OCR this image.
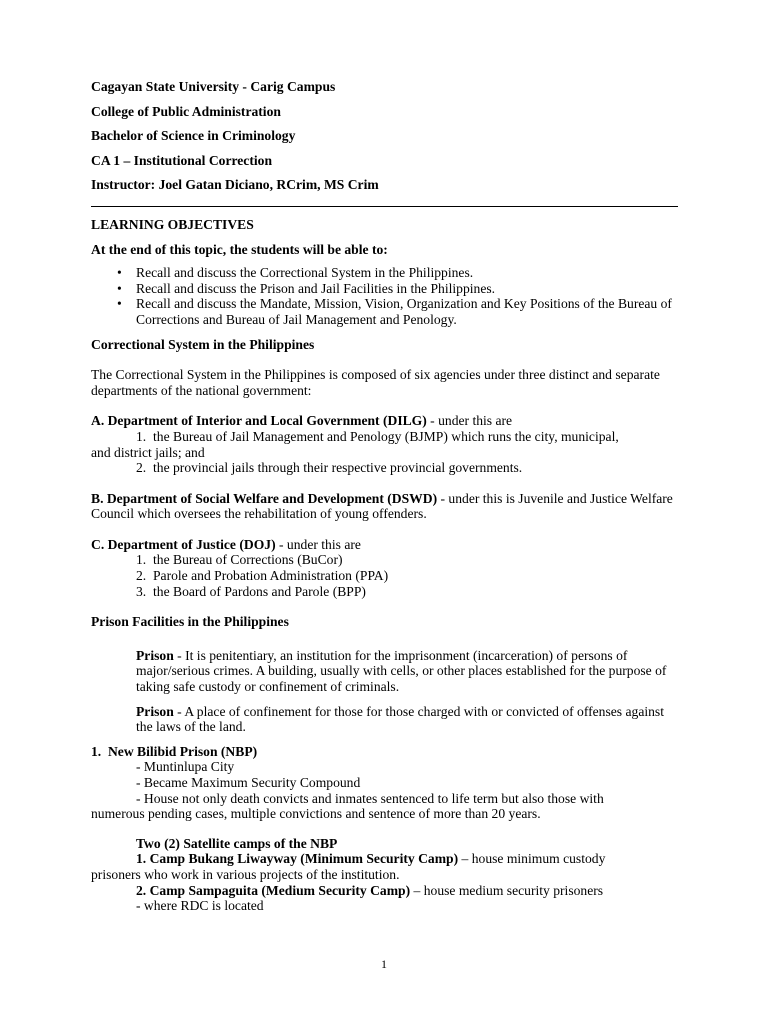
Cagayan State University - Carig Campus

College of Public Administration

Bachelor of Science in Criminology

CA 1 – Institutional Correction

Instructor: Joel Gatan Diciano, RCrim, MS Crim

LEARNING OBJECTIVES

At the end of this topic, the students will be able to:

• Recall and discuss the Correctional System in the Philippines.
• Recall and discuss the Prison and Jail Facilities in the Philippines.
• Recall and discuss the Mandate, Mission, Vision, Organization and Key Positions of the Bureau of Corrections and Bureau of Jail Management and Penology.

Correctional System in the Philippines

The Correctional System in the Philippines is composed of six agencies under three distinct and separate departments of the national government:

A. Department of Interior and Local Government (DILG) - under this are

1. the Bureau of Jail Management and Penology (BJMP) which runs the city, municipal,

and district jails; and

2. the provincial jails through their respective provincial governments.

B. Department of Social Welfare and Development (DSWD) - under this is Juvenile and Justice Welfare Council which oversees the rehabilitation of young offenders.

C. Department of Justice (DOJ) - under this are

1.  the Bureau of Corrections (BuCor)

2.  Parole and Probation Administration (PPA)

3.  the Board of Pardons and Parole (BPP)

Prison Facilities in the Philippines

Prison - It is penitentiary, an institution for the imprisonment (incarceration) of persons of major/serious crimes. A building, usually with cells, or other places established for the purpose of taking safe custody or confinement of criminals.

Prison - A place of confinement for those for those charged with or convicted of offenses against the laws of the land.

1.  New Bilibid Prison (NBP)

- Muntinlupa City

- Became Maximum Security Compound

- House not only death convicts and inmates sentenced to life term but also those with

numerous pending cases, multiple convictions and sentence of more than 20 years.

Two (2) Satellite camps of the NBP

1. Camp Bukang Liwayway (Minimum Security Camp) – house minimum custody

prisoners who work in various projects of the institution.

2. Camp Sampaguita (Medium Security Camp) – house medium security prisoners

- where RDC is located

1
